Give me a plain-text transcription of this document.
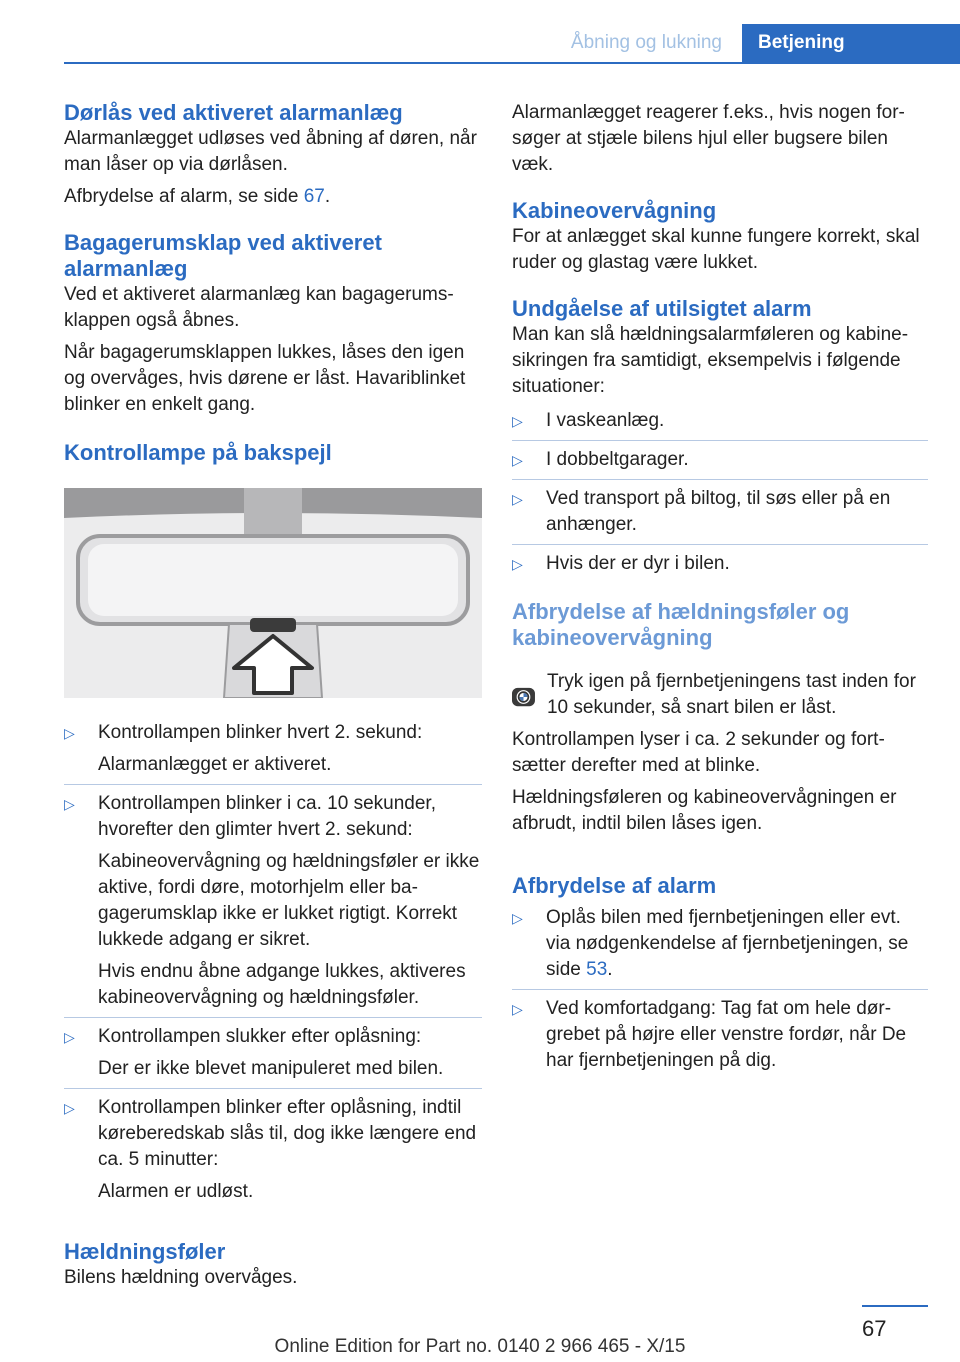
Åbning og lukning	Betjening
Dørlås ved aktiveret alarmanlæg

Alarmanlægget udløses ved åbning af døren, når man låser op via dørlåsen.

Afbrydelse af alarm, se side 67.

Bagagerumsklap ved aktiveret alarmanlæg

Ved et aktiveret alarmanlæg kan bagagerumsklappen også åbnes.

Når bagagerumsklappen lukkes, låses den igen og overvåges, hvis dørene er låst. Havariblinket blinker en enkelt gang.

Kontrollampe på bakspejl
▷ Kontrollampen blinker hvert 2. sekund:
Alarmanlægget er aktiveret.
▷ Kontrollampen blinker i ca. 10 sekunder, hvorefter den glimter hvert 2. sekund:
Kabineovervågning og hældningsføler er ikke aktive, fordi døre, motorhjelm eller bagagerumsklap ikke er lukket rigtigt. Korrekt lukkede adgang er sikret.
Hvis endnu åbne adgange lukkes, aktiveres kabineovervågning og hældningsføler.
▷ Kontrollampen slukker efter oplåsning:
Der er ikke blevet manipuleret med bilen.
▷ Kontrollampen blinker efter oplåsning, indtil køreberedskab slås til, dog ikke længere end ca. 5 minutter:
Alarmen er udløst.
Hældningsføler

Bilens hældning overvåges.

Alarmanlægget reagerer f.eks., hvis nogen forsøger at stjæle bilens hjul eller bugsere bilen væk.

Kabineovervågning

For at anlægget skal kunne fungere korrekt, skal ruder og glastag være lukket.

Undgåelse af utilsigtet alarm

Man kan slå hældningsalarmføleren og kabinesikringen fra samtidigt, eksempelvis i følgende situationer:

▷ I vaskeanlæg.
▷ I dobbeltgarager.
▷ Ved transport på biltog, til søs eller på en anhænger.
▷ Hvis der er dyr i bilen.
Afbrydelse af hældningsføler og kabineovervågning
Tryk igen på fjernbetjeningens tast inden for 10 sekunder, så snart bilen er låst.

Kontrollampen lyser i ca. 2 sekunder og fortsætter derefter med at blinke.

Hældningsføleren og kabineovervågningen er afbrudt, indtil bilen låses igen.

Afbrydelse af alarm
▷ Oplås bilen med fjernbetjeningen eller evt. via nødgenkendelse af fjernbetjeningen, se side 53.
▷ Ved komfortadgang: Tag fat om hele dørgrebet på højre eller venstre fordør, når De har fjernbetjeningen på dig.
67
Online Edition for Part no. 0140 2 966 465 - X/15
